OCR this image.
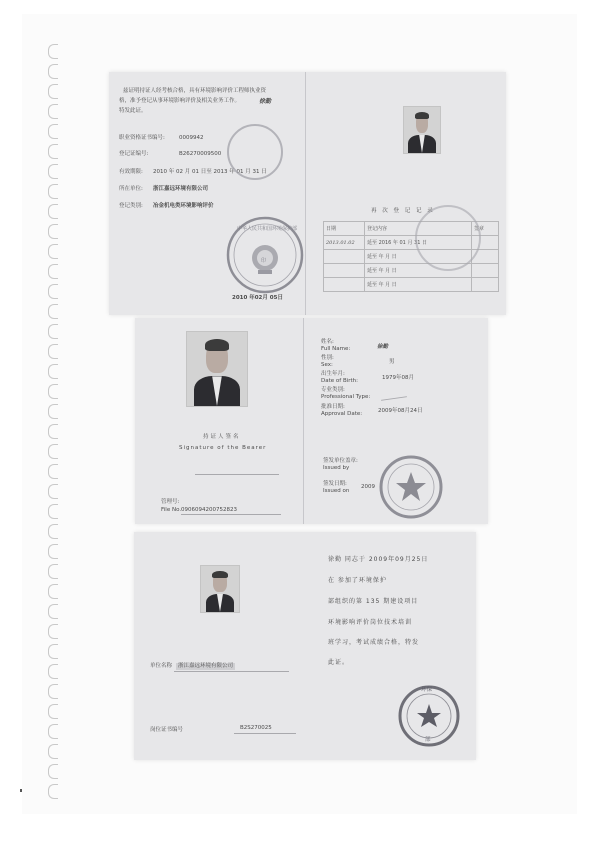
兹证明持证人经考核合格，具有环境影响评价工程师执业资
格，准予登记从事环境影响评价及相关业务工作。
特发此证。
徐勤
职业资格证书编号:	0009942
登记证编号:	B26270009500
有效期限: 2010 年 02 月 01 日至 2013 年 01 月 31 日
所在单位: 浙江嘉远环境有限公司
登记类别: 冶金机电类环境影响评价
中华人民共和国环境保护部
印
2010 年02月 05日
再 次 登 记 记 录
日期	登记内容	签章
2013.01.02	延至 2016 年 01 月 31 日	
	延至 年 月 日	
	延至 年 月 日	
	延至 年 月 日	
持证人签名
Signature of the Bearer
管理号:
File No. 0906094200752823
姓名:
Full Name:	徐勤
性别:
Sex:	男
出生年月:
Date of Birth:	1979年08月
专业类别:
Professional Type:
批准日期:
Approval Date:	2009年08月24日
签发单位盖章:
Issued by
签发日期:
Issued on
2009
单位名称	浙江嘉远环境有限公司
岗位证书编号	B2S270025
徐勤 同志于 2009年09月25日
在 参加了环境保护
部组织的第 135 期建设项目
环境影响评价岗位技术培训
班学习，考试成绩合格，特发
此证。
环保
部
